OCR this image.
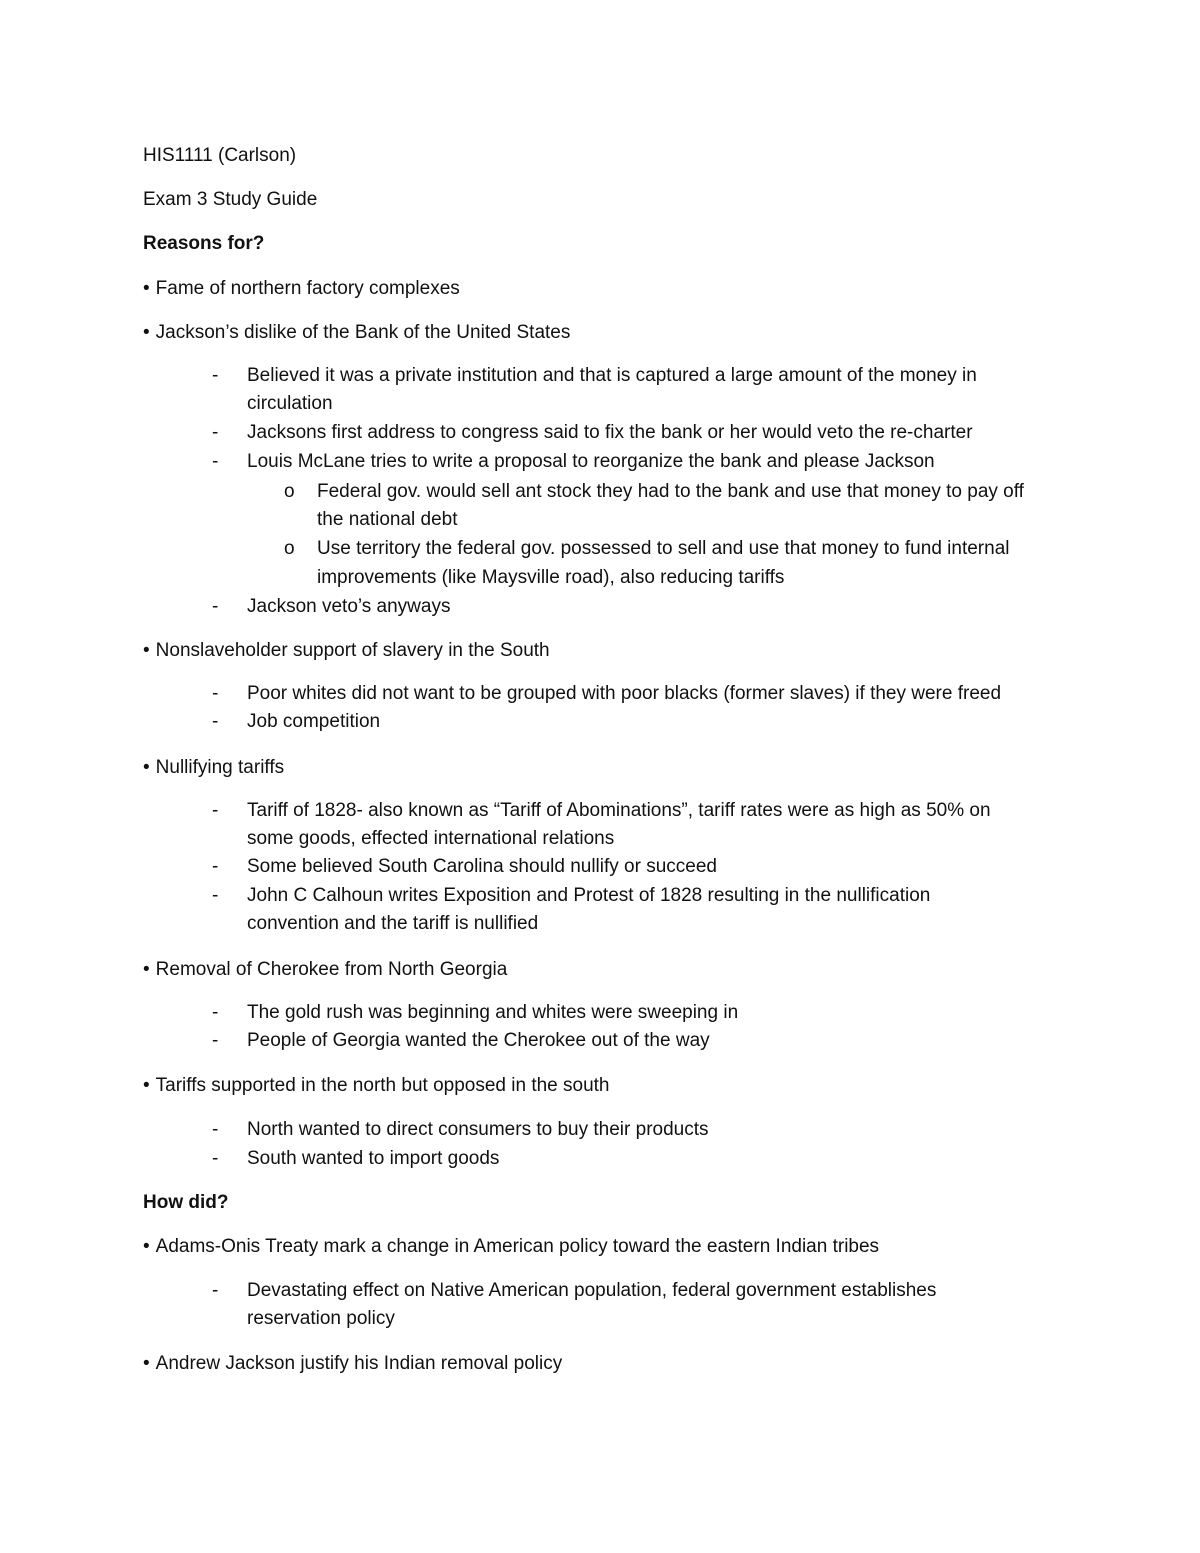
HIS1111 (Carlson)
Exam 3 Study Guide
Reasons for?
• Fame of northern factory complexes
• Jackson’s dislike of the Bank of the United States
- Believed it was a private institution and that is captured a large amount of the money in
circulation
- Jacksons first address to congress said to fix the bank or her would veto the re-charter
- Louis McLane tries to write a proposal to reorganize the bank and please Jackson
o Federal gov. would sell ant stock they had to the bank and use that money to pay off
the national debt
o Use territory the federal gov. possessed to sell and use that money to fund internal
improvements (like Maysville road), also reducing tariffs
- Jackson veto’s anyways
• Nonslaveholder support of slavery in the South
- Poor whites did not want to be grouped with poor blacks (former slaves) if they were freed
- Job competition
• Nullifying tariffs
- Tariff of 1828- also known as “Tariff of Abominations”, tariff rates were as high as 50% on
some goods, effected international relations
- Some believed South Carolina should nullify or succeed
- John C Calhoun writes Exposition and Protest of 1828 resulting in the nullification
convention and the tariff is nullified
• Removal of Cherokee from North Georgia
- The gold rush was beginning and whites were sweeping in
- People of Georgia wanted the Cherokee out of the way
• Tariffs supported in the north but opposed in the south
- North wanted to direct consumers to buy their products
- South wanted to import goods
How did?
• Adams-Onis Treaty mark a change in American policy toward the eastern Indian tribes
- Devastating effect on Native American population, federal government establishes
reservation policy
• Andrew Jackson justify his Indian removal policy
